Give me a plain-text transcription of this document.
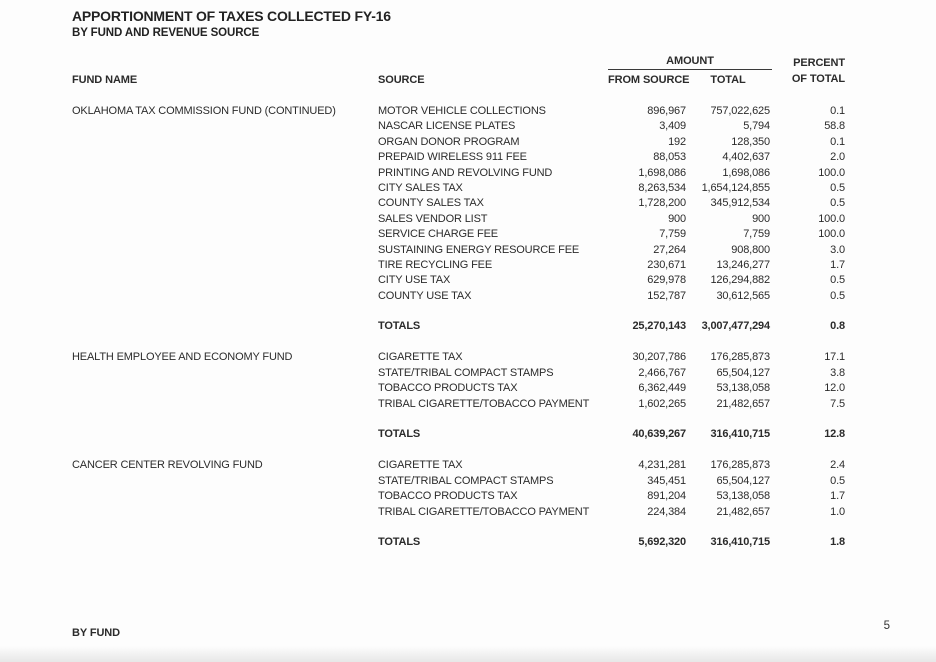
APPORTIONMENT OF TAXES COLLECTED FY-16
BY FUND AND REVENUE SOURCE
FUND NAME	SOURCE
AMOUNT
FROM SOURCE	TOTAL
PERCENT
OF TOTAL
OKLAHOMA TAX COMMISSION FUND (CONTINUED)	MOTOR VEHICLE COLLECTIONS	896,967	757,022,625	0.1
NASCAR LICENSE PLATES	3,409	5,794	58.8
ORGAN DONOR PROGRAM	192	128,350	0.1
PREPAID WIRELESS 911 FEE	88,053	4,402,637	2.0
PRINTING AND REVOLVING FUND	1,698,086	1,698,086	100.0
CITY SALES TAX	8,263,534	1,654,124,855	0.5
COUNTY SALES TAX	1,728,200	345,912,534	0.5
SALES VENDOR LIST	900	900	100.0
SERVICE CHARGE FEE	7,759	7,759	100.0
SUSTAINING ENERGY RESOURCE FEE	27,264	908,800	3.0
TIRE RECYCLING FEE	230,671	13,246,277	1.7
CITY USE TAX	629,978	126,294,882	0.5
COUNTY USE TAX	152,787	30,612,565	0.5
TOTALS	25,270,143	3,007,477,294	0.8
HEALTH EMPLOYEE AND ECONOMY FUND	CIGARETTE TAX	30,207,786	176,285,873	17.1
STATE/TRIBAL COMPACT STAMPS	2,466,767	65,504,127	3.8
TOBACCO PRODUCTS TAX	6,362,449	53,138,058	12.0
TRIBAL CIGARETTE/TOBACCO PAYMENT	1,602,265	21,482,657	7.5
TOTALS	40,639,267	316,410,715	12.8
CANCER CENTER REVOLVING FUND	CIGARETTE TAX	4,231,281	176,285,873	2.4
STATE/TRIBAL COMPACT STAMPS	345,451	65,504,127	0.5
TOBACCO PRODUCTS TAX	891,204	53,138,058	1.7
TRIBAL CIGARETTE/TOBACCO PAYMENT	224,384	21,482,657	1.0
TOTALS	5,692,320	316,410,715	1.8
BY FUND
5
